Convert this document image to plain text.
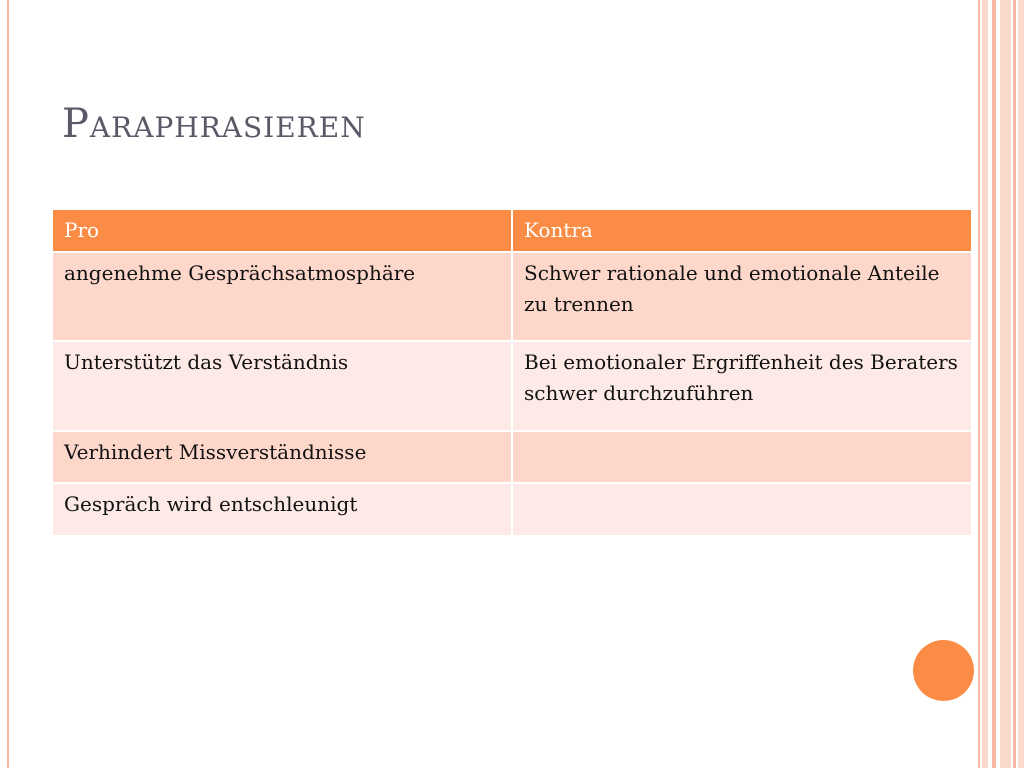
Paraphrasieren
Pro	Kontra
angenehme Gesprächsatmosphäre	Schwer rationale und emotionale Anteile zu trennen
Unterstützt das Verständnis	Bei emotionaler Ergriffenheit des Beraters schwer durchzuführen
Verhindert Missverständnisse	
Gespräch wird entschleunigt	
